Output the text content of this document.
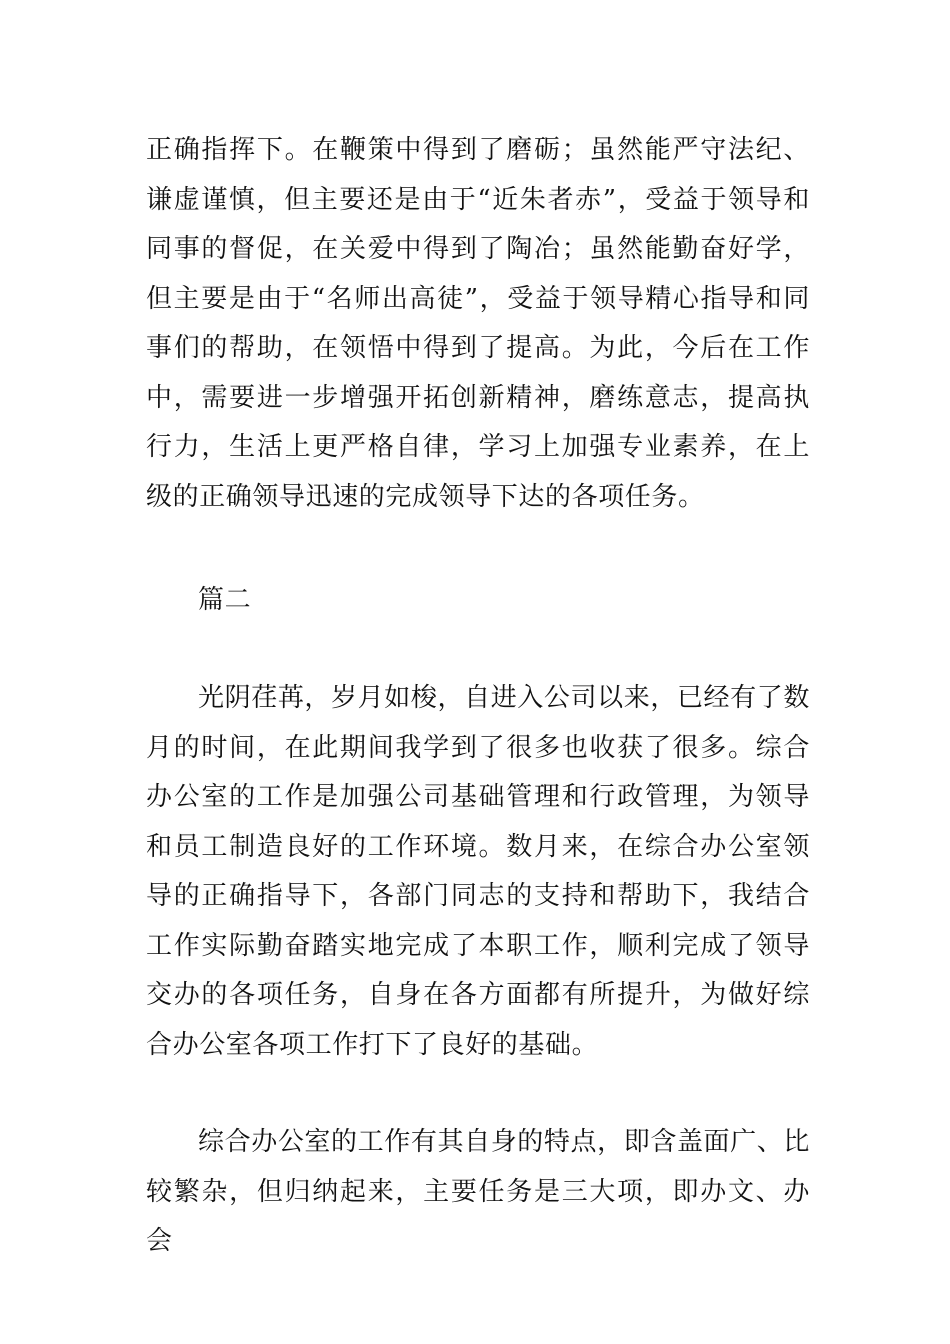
正确指挥下。在鞭策中得到了磨砺；虽然能严守法纪、谦虚谨慎，但主要还是由于“近朱者赤”，受益于领导和同事的督促，在关爱中得到了陶冶；虽然能勤奋好学，但主要是由于“名师出高徒”，受益于领导精心指导和同事们的帮助，在领悟中得到了提高。为此，今后在工作中，需要进一步增强开拓创新精神，磨练意志，提高执行力，生活上更严格自律，学习上加强专业素养，在上级的正确领导迅速的完成领导下达的各项任务。

篇二

光阴荏苒，岁月如梭，自进入公司以来，已经有了数月的时间，在此期间我学到了很多也收获了很多。综合办公室的工作是加强公司基础管理和行政管理，为领导和员工制造良好的工作环境。数月来，在综合办公室领导的正确指导下，各部门同志的支持和帮助下，我结合工作实际勤奋踏实地完成了本职工作，顺利完成了领导交办的各项任务，自身在各方面都有所提升，为做好综合办公室各项工作打下了良好的基础。

综合办公室的工作有其自身的特点，即含盖面广、比较繁杂，但归纳起来，主要任务是三大项，即办文、办会
